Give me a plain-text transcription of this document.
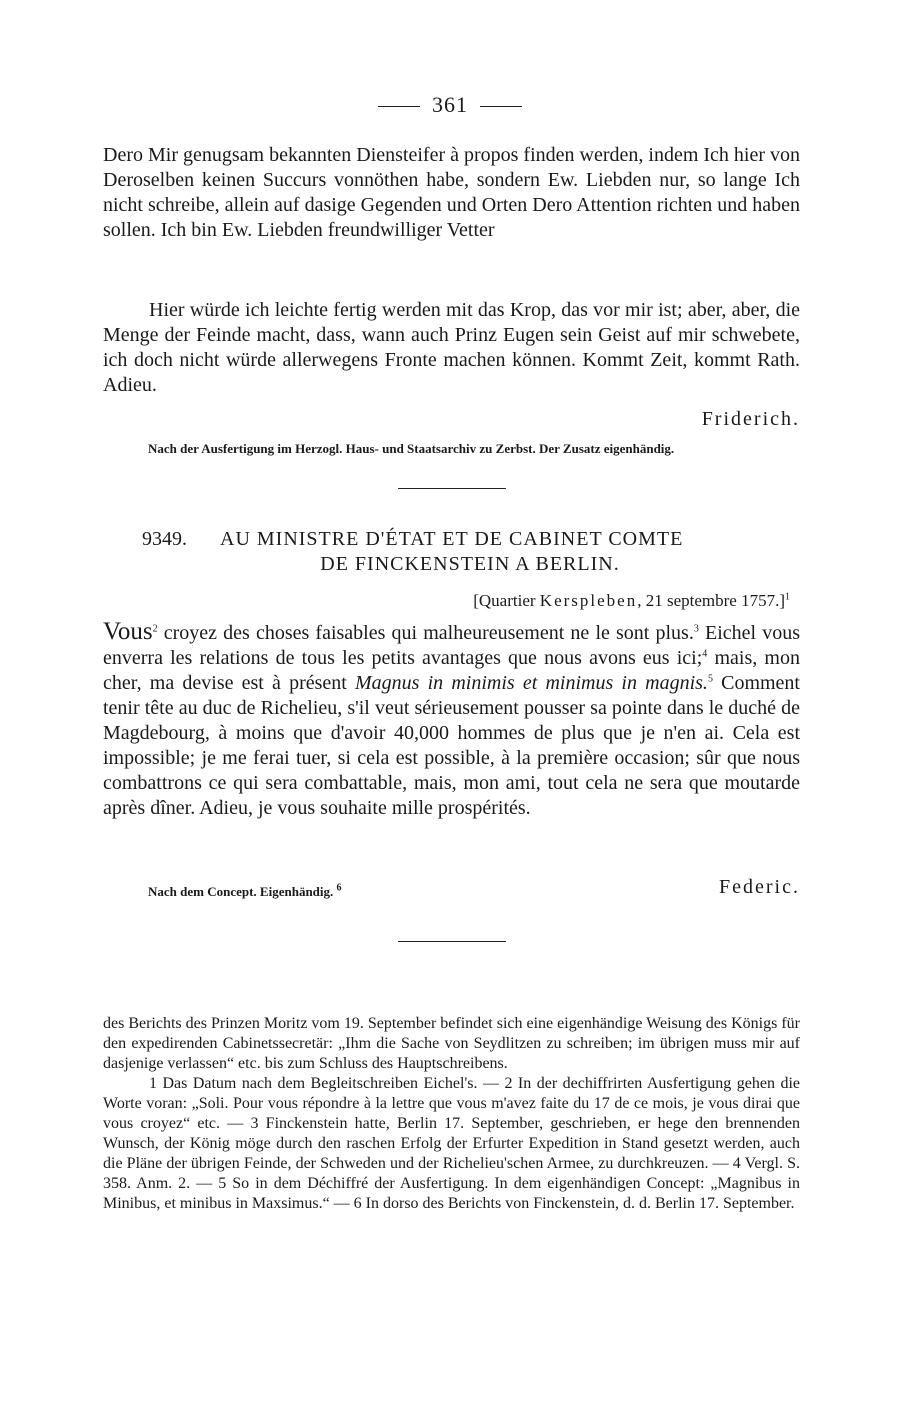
361

Dero Mir genugsam bekannten Diensteifer à propos finden werden, indem Ich hier von Deroselben keinen Succurs vonnöthen habe, sondern Ew. Liebden nur, so lange Ich nicht schreibe, allein auf dasige Gegenden und Orten Dero Attention richten und haben sollen. Ich bin Ew. Liebden freundwilliger Vetter

Hier würde ich leichte fertig werden mit das Krop, das vor mir ist; aber, aber, die Menge der Feinde macht, dass, wann auch Prinz Eugen sein Geist auf mir schwebete, ich doch nicht würde allerwegens Fronte machen können. Kommt Zeit, kommt Rath. Adieu.

Friderich.
Nach der Ausfertigung im Herzogl. Haus- und Staatsarchiv zu Zerbst. Der Zusatz eigenhändig.
9349.	AU MINISTRE D'ÉTAT ET DE CABINET COMTE
DE FINCKENSTEIN A BERLIN.
[Quartier Kerspleben, 21 septembre 1757.]$^1$

Vous$^2$ croyez des choses faisables qui malheureusement ne le sont plus.$^3$ Eichel vous enverra les relations de tous les petits avantages que nous avons eus ici;$^4$ mais, mon cher, ma devise est à présent Magnus in minimis et minimus in magnis.$^5$ Comment tenir tête au duc de Richelieu, s'il veut sérieusement pousser sa pointe dans le duché de Magdebourg, à moins que d'avoir 40,000 hommes de plus que je n'en ai. Cela est impossible; je me ferai tuer, si cela est possible, à la première occasion; sûr que nous combattrons ce qui sera combattable, mais, mon ami, tout cela ne sera que moutarde après dîner. Adieu, je vous souhaite mille prospérités.

Nach dem Concept. Eigenhändig. $^6$	Federic.

des Berichts des Prinzen Moritz vom 19. September befindet sich eine eigenhändige Weisung des Königs für den expedirenden Cabinetssecretär: „Ihm die Sache von Seydlitzen zu schreiben; im übrigen muss mir auf dasjenige verlassen“ etc. bis zum Schluss des Hauptschreibens.

1 Das Datum nach dem Begleitschreiben Eichel's. — 2 In der dechiffrirten Ausfertigung gehen die Worte voran: „Soli. Pour vous répondre à la lettre que vous m'avez faite du 17 de ce mois, je vous dirai que vous croyez“ etc. — 3 Finckenstein hatte, Berlin 17. September, geschrieben, er hege den brennenden Wunsch, der König möge durch den raschen Erfolg der Erfurter Expedition in Stand gesetzt werden, auch die Pläne der übrigen Feinde, der Schweden und der Richelieu'schen Armee, zu durchkreuzen. — 4 Vergl. S. 358. Anm. 2. — 5 So in dem Déchiffré der Ausfertigung. In dem eigenhändigen Concept: „Magnibus in Minibus, et minibus in Maxsimus.“ — 6 In dorso des Berichts von Finckenstein, d. d. Berlin 17. September.
